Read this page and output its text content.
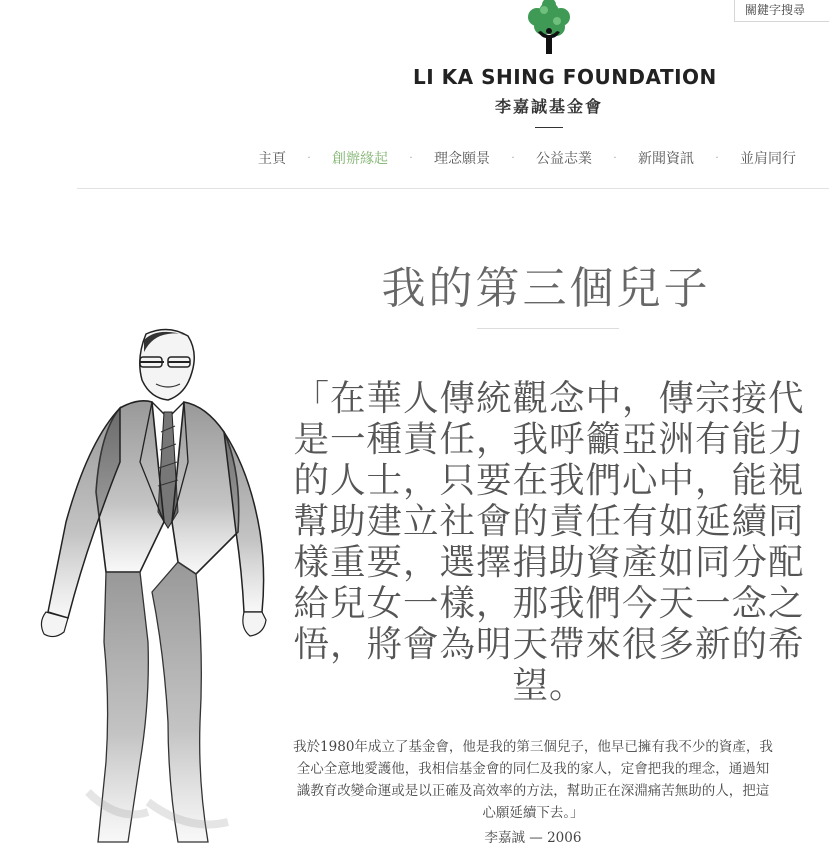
關鍵字搜尋
LI KA SHING FOUNDATION
李嘉誠基金會
主頁	·	創辦緣起	·	理念願景	·	公益志業	·	新聞資訊	·	並肩同行
我的第三個兒子

「在華人傳統觀念中，傳宗接代是一種責任，我呼籲亞洲有能力的人士，只要在我們心中，能視幫助建立社會的責任有如延續同樣重要，選擇捐助資產如同分配給兒女一樣，那我們今天一念之悟，將會為明天帶來很多新的希望。

我於1980年成立了基金會，他是我的第三個兒子，他早已擁有我不少的資產，我全心全意地愛護他，我相信基金會的同仁及我的家人，定會把我的理念，通過知識教育改變命運或是以正確及高效率的方法，幫助正在深淵痛苦無助的人，把這心願延續下去。」

李嘉誠 — 2006
